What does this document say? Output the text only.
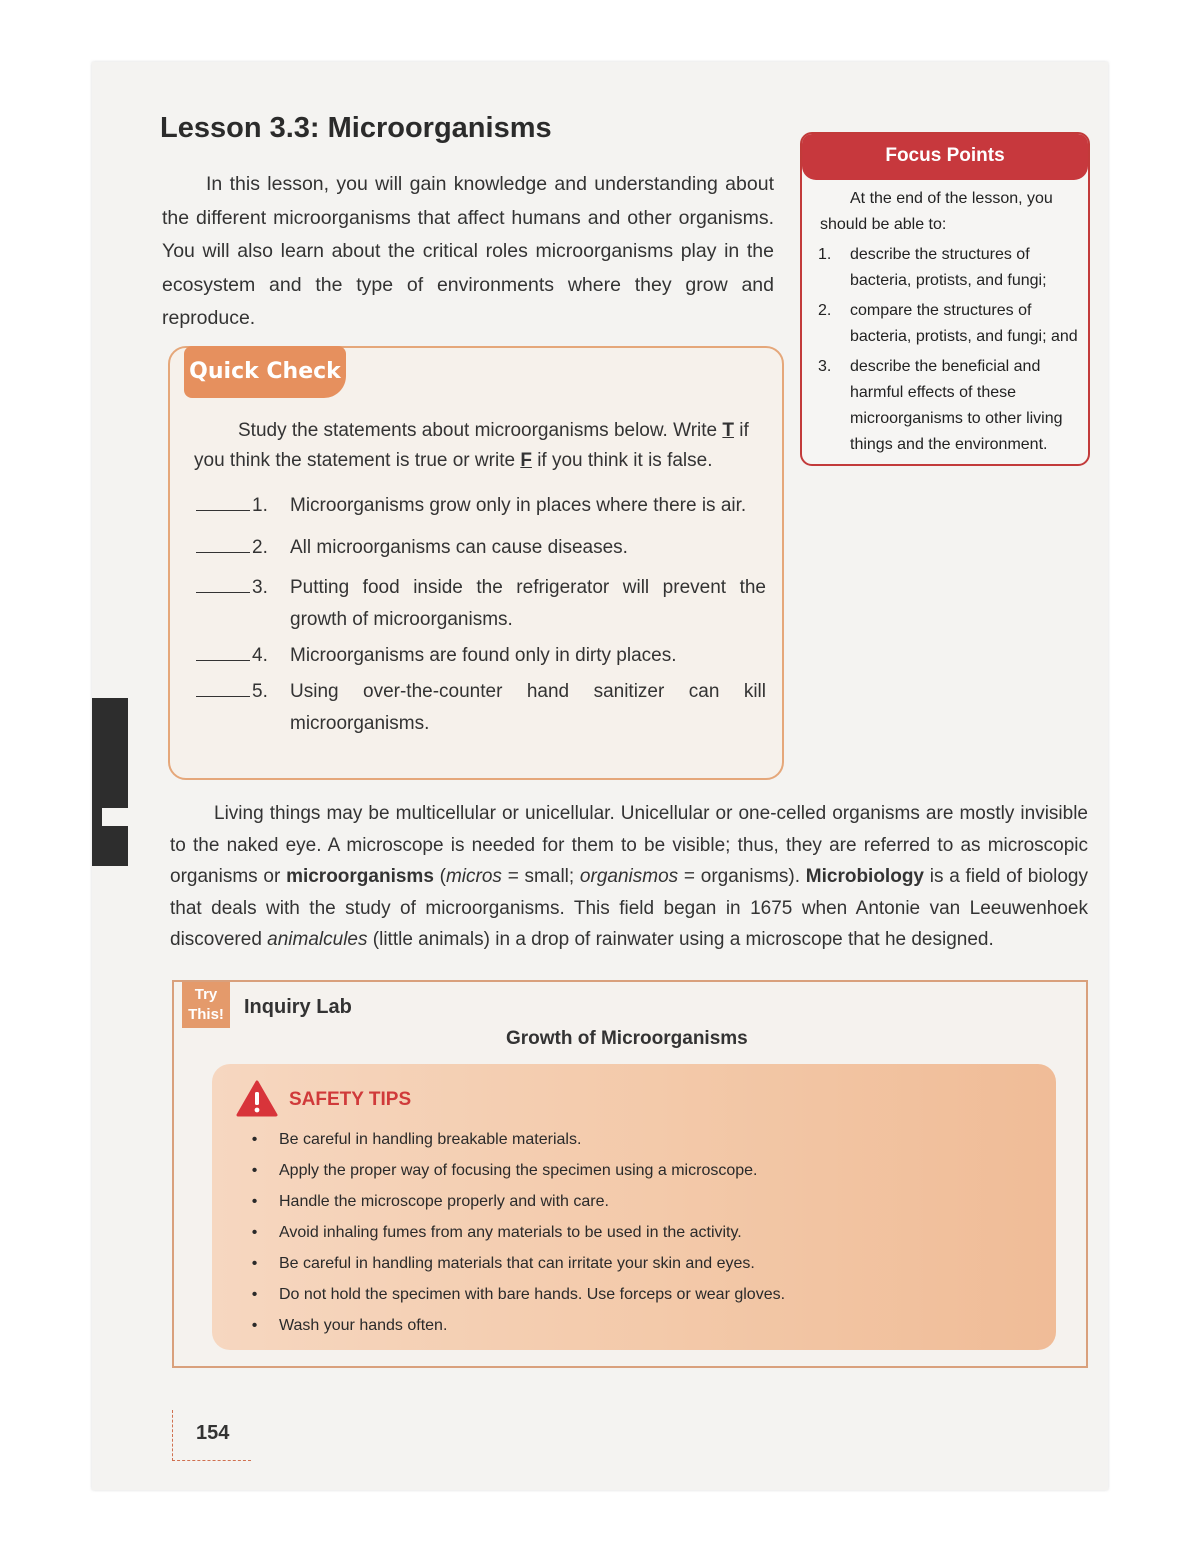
Lesson 3.3: Microorganisms

In this lesson, you will gain knowledge and understanding about the different microorganisms that affect humans and other organisms. You will also learn about the critical roles microorganisms play in the ecosystem and the type of environments where they grow and reproduce.

Focus Points

At the end of the lesson, you should be able to:

1.	describe the structures of bacteria, protists, and fungi;
2.	compare the structures of bacteria, protists, and fungi; and
3.	describe the beneficial and harmful effects of these microorganisms to other living things and the environment.
Quick Check

Study the statements about microorganisms below. Write T if you think the statement is true or write F if you think it is false.

1.	Microorganisms grow only in places where there is air.
2.	All microorganisms can cause diseases.
3.	Putting food inside the refrigerator will prevent the growth of microorganisms.
4.	Microorganisms are found only in dirty places.
5.	Using over-the-counter hand sanitizer can kill microorganisms.

Living things may be multicellular or unicellular. Unicellular or one-celled organisms are mostly invisible to the naked eye. A microscope is needed for them to be visible; thus, they are referred to as microscopic organisms or microorganisms (micros = small; organismos = organisms). Microbiology is a field of biology that deals with the study of microorganisms. This field began in 1675 when Antonie van Leeuwenhoek discovered animalcules (little animals) in a drop of rainwater using a microscope that he designed.

Try
This!	Inquiry Lab
Growth of Microorganisms
SAFETY TIPS
•	Be careful in handling breakable materials.
•	Apply the proper way of focusing the specimen using a microscope.
•	Handle the microscope properly and with care.
•	Avoid inhaling fumes from any materials to be used in the activity.
•	Be careful in handling materials that can irritate your skin and eyes.
•	Do not hold the specimen with bare hands. Use forceps or wear gloves.
•	Wash your hands often.
154
